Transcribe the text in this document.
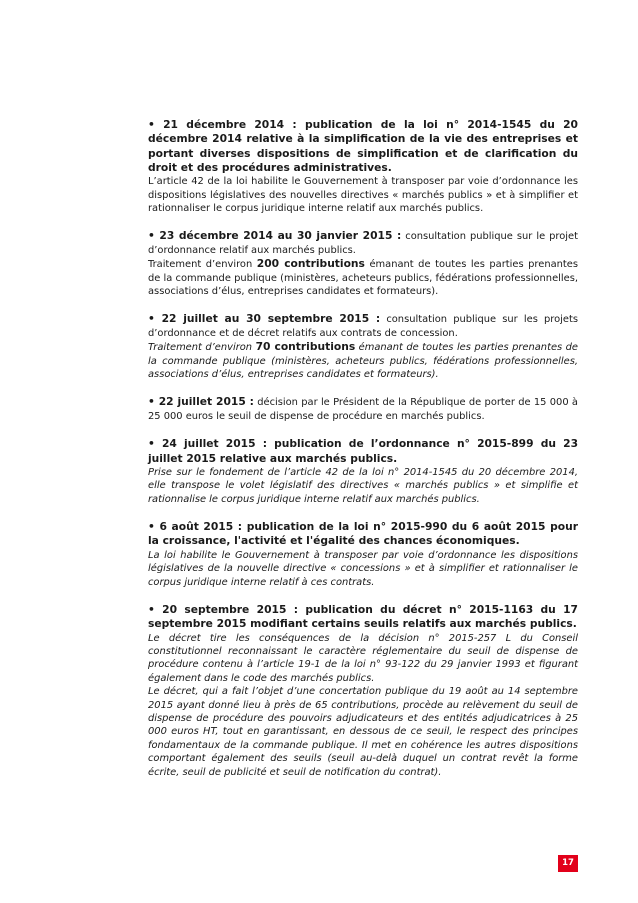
• 21 décembre 2014 : publication de la loi n° 2014-1545 du 20 décembre 2014 relative à la simplification de la vie des entreprises et portant diverses dispositions de simplification et de clarification du droit et des procédures administratives.
L’article 42 de la loi habilite le Gouvernement à transposer par voie d’ordonnance les dispositions législatives des nouvelles directives « marchés publics » et à simplifier et rationnaliser le corpus juridique interne relatif aux marchés publics.
• 23 décembre 2014 au 30 janvier 2015 : consultation publique sur le projet d’ordonnance relatif aux marchés publics.
Traitement d’environ 200 contributions émanant de toutes les parties prenantes de la commande publique (ministères, acheteurs publics, fédérations professionnelles, associations d’élus, entreprises candidates et formateurs).
• 22 juillet au 30 septembre 2015 : consultation publique sur les projets d’ordonnance et de décret relatifs aux contrats de concession.
Traitement d’environ 70 contributions émanant de toutes les parties prenantes de la commande publique (ministères, acheteurs publics, fédérations professionnelles, associations d’élus, entreprises candidates et formateurs).
• 22 juillet 2015 : décision par le Président de la République de porter de 15 000 à 25 000 euros le seuil de dispense de procédure en marchés publics.
• 24 juillet 2015 : publication de l’ordonnance n° 2015-899 du 23 juillet 2015 relative aux marchés publics.
Prise sur le fondement de l’article 42 de la loi n° 2014-1545 du 20 décembre 2014, elle transpose le volet législatif des directives « marchés publics » et simplifie et rationnalise le corpus juridique interne relatif aux marchés publics.
• 6 août 2015 : publication de la loi n° 2015-990 du 6 août 2015 pour la croissance, l'activité et l'égalité des chances économiques.
La loi habilite le Gouvernement à transposer par voie d’ordonnance les dispositions législatives de la nouvelle directive « concessions » et à simplifier et rationnaliser le corpus juridique interne relatif à ces contrats.
• 20 septembre 2015 : publication du décret n° 2015-1163 du 17 septembre 2015 modifiant certains seuils relatifs aux marchés publics.
Le décret tire les conséquences de la décision n° 2015-257 L du Conseil constitutionnel reconnaissant le caractère réglementaire du seuil de dispense de procédure contenu à l’article 19-1 de la loi n° 93-122 du 29 janvier 1993 et figurant également dans le code des marchés publics.
Le décret, qui a fait l’objet d’une concertation publique du 19 août au 14 septembre 2015 ayant donné lieu à près de 65 contributions, procède au relèvement du seuil de dispense de procédure des pouvoirs adjudicateurs et des entités adjudicatrices à 25 000 euros HT, tout en garantissant, en dessous de ce seuil, le respect des principes fondamentaux de la commande publique. Il met en cohérence les autres dispositions comportant également des seuils (seuil au-delà duquel un contrat revêt la forme écrite, seuil de publicité et seuil de notification du contrat).
17
